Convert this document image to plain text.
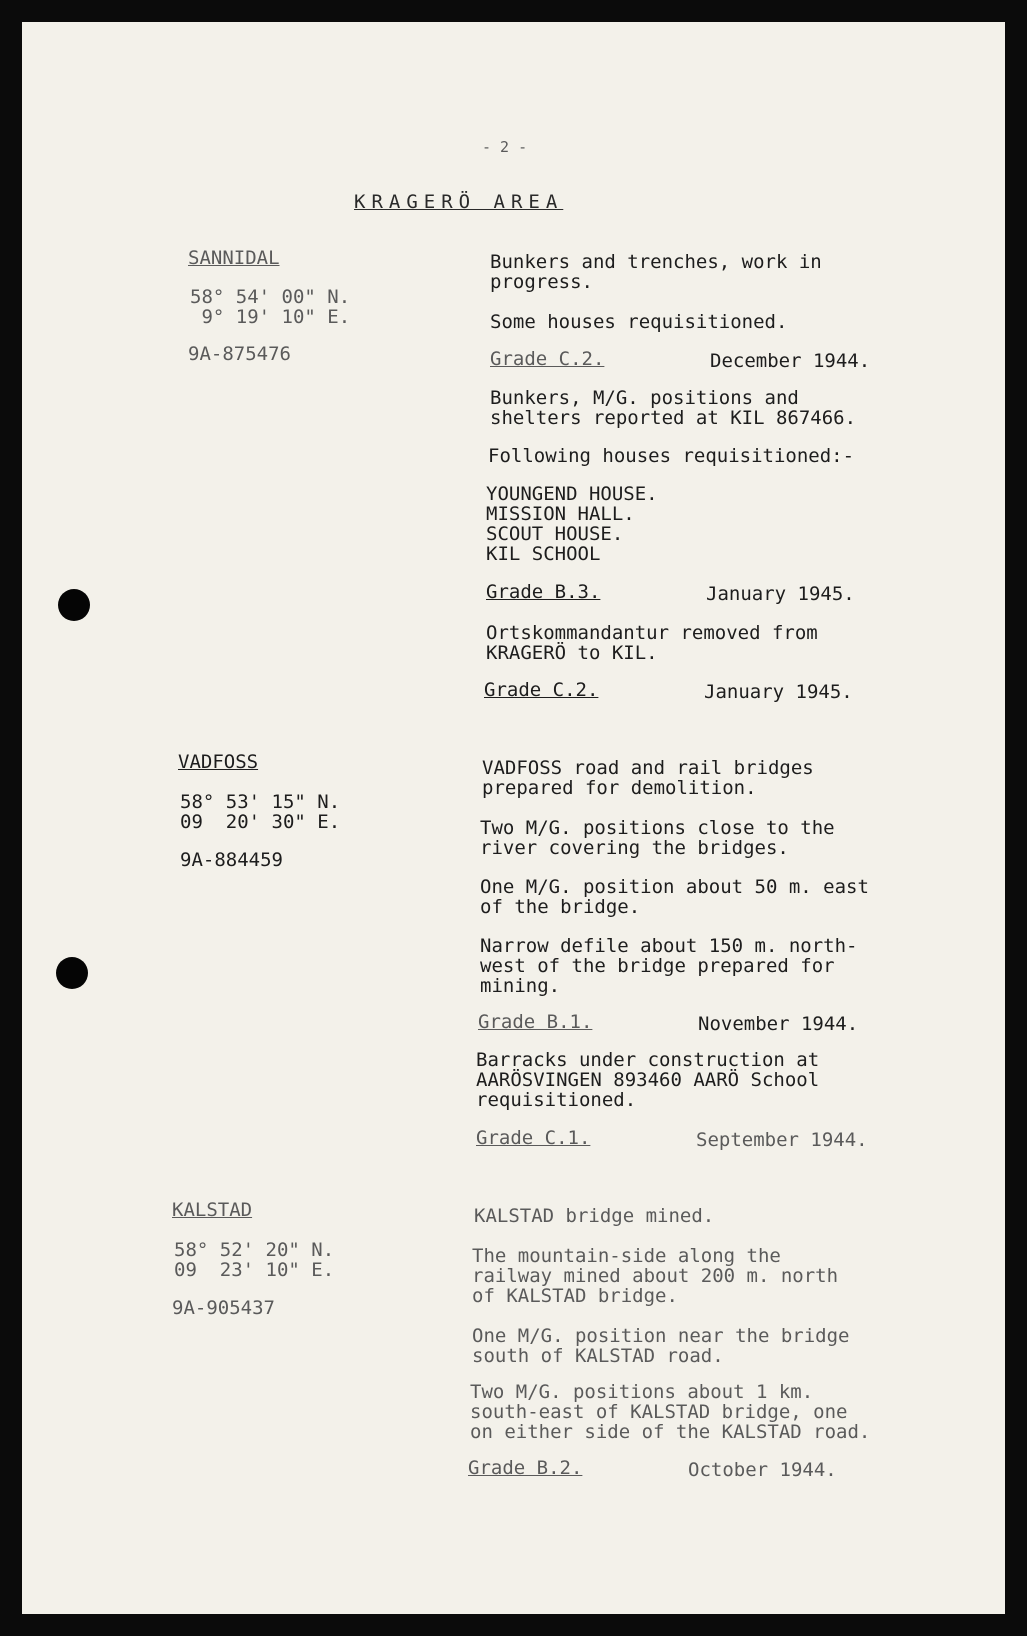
- 2 -
KRAGERÖ AREA
SANNIDAL
58° 54' 00" N.
9° 19' 10" E.
9A-875476
Bunkers and trenches, work in
progress.
Some houses requisitioned.
Grade C.2.	December 1944.
Bunkers, M/G. positions and
shelters reported at KIL 867466.
Following houses requisitioned:-
YOUNGEND HOUSE.
MISSION HALL.
SCOUT HOUSE.
KIL SCHOOL
Grade B.3.	January 1945.
Ortskommandantur removed from
KRAGERÖ to KIL.
Grade C.2.	January 1945.
VADFOSS
58° 53' 15" N.
09  20' 30" E.
9A-884459
VADFOSS road and rail bridges
prepared for demolition.
Two M/G. positions close to the
river covering the bridges.
One M/G. position about 50 m. east
of the bridge.
Narrow defile about 150 m. north-
west of the bridge prepared for
mining.
Grade B.1.	November 1944.
Barracks under construction at
AARÖSVINGEN 893460 AARÖ School
requisitioned.
Grade C.1.	September 1944.
KALSTAD
58° 52' 20" N.
09  23' 10" E.
9A-905437
KALSTAD bridge mined.
The mountain-side along the
railway mined about 200 m. north
of KALSTAD bridge.
One M/G. position near the bridge
south of KALSTAD road.
Two M/G. positions about 1 km.
south-east of KALSTAD bridge, one
on either side of the KALSTAD road.
Grade B.2.	October 1944.
